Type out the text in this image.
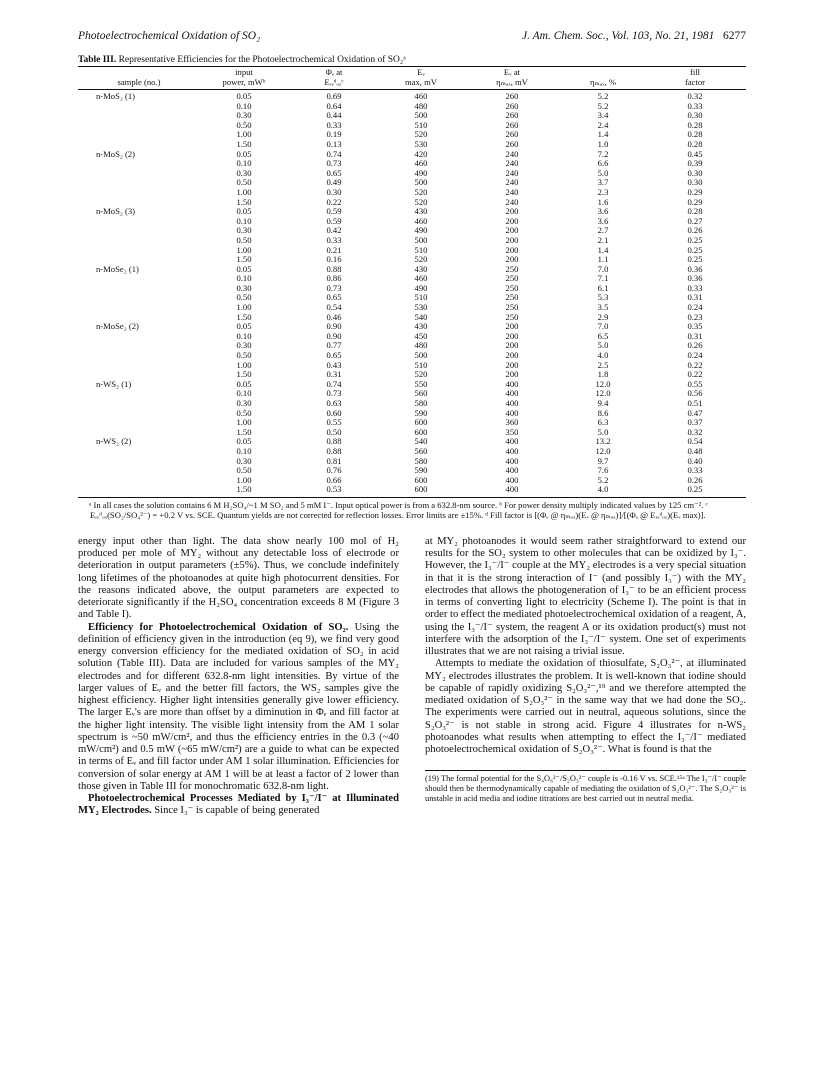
Photoelectrochemical Oxidation of SO₂	J. Am. Chem. Soc., Vol. 103, No. 21, 1981 6277
Table III. Representative Efficiencies for the Photoelectrochemical Oxidation of SO₂ᵃ
	input	Φₑ at	Eᵥ	Eᵥ at		fill
sample (no.)	power, mWᵇ	Eᵣₑᵈₒₓᶜ	max, mV	ηₘₐₓ, mV	ηₘₐₓ, %	factor
n-MoS₂ (1)	0.05	0.69	460	260	5.2	0.32
	0.10	0.64	480	260	5.2	0.33
	0.30	0.44	500	260	3.4	0.30
	0.50	0.33	510	260	2.4	0.28
	1.00	0.19	520	260	1.4	0.28
	1.50	0.13	530	260	1.0	0.28
n-MoS₂ (2)	0.05	0.74	420	240	7.2	0.45
	0.10	0.73	460	240	6.6	0.39
	0.30	0.65	490	240	5.0	0.30
	0.50	0.49	500	240	3.7	0.30
	1.00	0.30	520	240	2.3	0.29
	1.50	0.22	520	240	1.6	0.29
n-MoS₂ (3)	0.05	0.59	430	200	3.6	0.28
	0.10	0.59	460	200	3.6	0.27
	0.30	0.42	490	200	2.7	0.26
	0.50	0.33	500	200	2.1	0.25
	1.00	0.21	510	200	1.4	0.25
	1.50	0.16	520	200	1.1	0.25
n-MoSe₂ (1)	0.05	0.88	430	250	7.0	0.36
	0.10	0.86	460	250	7.1	0.36
	0.30	0.73	490	250	6.1	0.33
	0.50	0.65	510	250	5.3	0.31
	1.00	0.54	530	250	3.5	0.24
	1.50	0.46	540	250	2.9	0.23
n-MoSe₂ (2)	0.05	0.90	430	200	7.0	0.35
	0.10	0.90	450	200	6.5	0.31
	0.30	0.77	480	200	5.0	0.26
	0.50	0.65	500	200	4.0	0.24
	1.00	0.43	510	200	2.5	0.22
	1.50	0.31	520	200	1.8	0.22
n-WS₂ (1)	0.05	0.74	550	400	12.0	0.55
	0.10	0.73	560	400	12.0	0.56
	0.30	0.63	580	400	9.4	0.51
	0.50	0.60	590	400	8.6	0.47
	1.00	0.55	600	360	6.3	0.37
	1.50	0.50	600	350	5.0	0.32
n-WS₂ (2)	0.05	0.88	540	400	13.2	0.54
	0.10	0.88	560	400	12.0	0.48
	0.30	0.81	580	400	9.7	0.40
	0.50	0.76	590	400	7.6	0.33
	1.00	0.66	600	400	5.2	0.26
	1.50	0.53	600	400	4.0	0.25
ᵃ In all cases the solution contains 6 M H₂SO₄/~1 M SO₂ and 5 mM I⁻. Input optical power is from a 632.8-nm source. ᵇ For power density multiply indicated values by 125 cm⁻². ᶜ Eᵣₑᵈₒₓ(SO₂/SO₄²⁻) = +0.2 V vs. SCE. Quantum yields are not corrected for reflection losses. Error limits are ±15%. ᵈ Fill factor is [(Φₑ @ ηₘₐₓ)(Eᵥ @ ηₘₐₓ)]/[(Φₑ @ Eᵣₑᵈₒₓ)(Eᵥ max)].

energy input other than light. The data show nearly 100 mol of H₂ produced per mole of MY₂ without any detectable loss of electrode or deterioration in output parameters (±5%). Thus, we conclude indefinitely long lifetimes of the photoanodes at quite high photocurrent densities. For the reasons indicated above, the output parameters are expected to deteriorate significantly if the H₂SO₄ concentration exceeds 8 M (Figure 3 and Table I).

Efficiency for Photoelectrochemical Oxidation of SO₂. Using the definition of efficiency given in the introduction (eq 9), we find very good energy conversion efficiency for the mediated oxidation of SO₂ in acid solution (Table III). Data are included for various samples of the MY₂ electrodes and for different 632.8-nm light intensities. By virtue of the larger values of Eᵥ and the better fill factors, the WS₂ samples give the highest efficiency. Higher light intensities generally give lower efficiency. The larger Eᵥ's are more than offset by a diminution in Φₑ and fill factor at the higher light intensity. The visible light intensity from the AM 1 solar spectrum is ~50 mW/cm², and thus the efficiency entries in the 0.3 (~40 mW/cm²) and 0.5 mW (~65 mW/cm²) are a guide to what can be expected in terms of Eᵥ and fill factor under AM 1 solar illumination. Efficiencies for conversion of solar energy at AM 1 will be at least a factor of 2 lower than those given in Table III for monochromatic 632.8-nm light.

Photoelectrochemical Processes Mediated by I₃⁻/I⁻ at Illuminated MY₂ Electrodes. Since I₃⁻ is capable of being generated

at MY₂ photoanodes it would seem rather straightforward to extend our results for the SO₂ system to other molecules that can be oxidized by I₃⁻. However, the I₃⁻/I⁻ couple at the MY₂ electrodes is a very special situation in that it is the strong interaction of I⁻ (and possibly I₃⁻) with the MY₂ electrodes that allows the photogeneration of I₃⁻ to be an efficient process in terms of converting light to electricity (Scheme I). The point is that in order to effect the mediated photoelectrochemical oxidation of a reagent, A, using the I₃⁻/I⁻ system, the reagent A or its oxidation product(s) must not interfere with the adsorption of the I₃⁻/I⁻ system. One set of experiments illustrates that we are not raising a trivial issue.

Attempts to mediate the oxidation of thiosulfate, S₂O₃²⁻, at illuminated MY₂ electrodes illustrates the problem. It is well-known that iodine should be capable of rapidly oxidizing S₂O₃²⁻,¹⁹ and we therefore attempted the mediated oxidation of S₂O₃²⁻ in the same way that we had done the SO₂. The experiments were carried out in neutral, aqueous solutions, since the S₂O₃²⁻ is not stable in strong acid. Figure 4 illustrates for n-WS₂ photoanodes what results when attempting to effect the I₃⁻/I⁻ mediated photoelectrochemical oxidation of S₂O₃²⁻. What is found is that the

(19) The formal potential for the S₄O₆²⁻/S₂O₃²⁻ couple is -0.16 V vs. SCE.¹⁵ᵃ The I₃⁻/I⁻ couple should then be thermodynamically capable of mediating the oxidation of S₂O₃²⁻. The S₂O₃²⁻ is unstable in acid media and iodine titrations are best carried out in neutral media.
